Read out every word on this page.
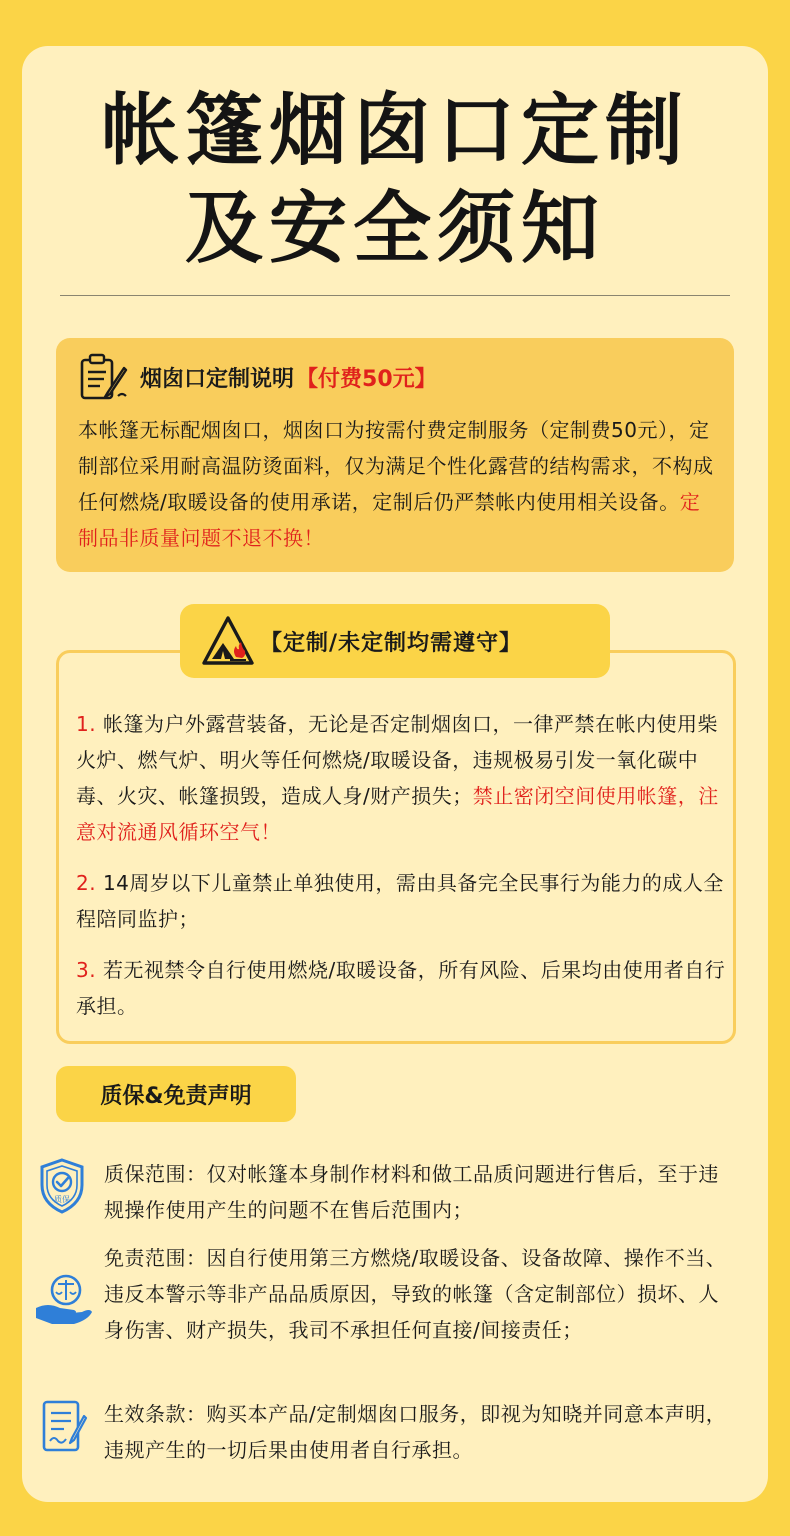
帐篷烟囱口定制
及安全须知
烟囱口定制说明 【付费50元】
本帐篷无标配烟囱口，烟囱口为按需付费定制服务（定制费50元），定制部位采用耐高温防烫面料，仅为满足个性化露营的结构需求，不构成任何燃烧/取暖设备的使用承诺，定制后仍严禁帐内使用相关设备。定制品非质量问题不退不换！
【定制/未定制均需遵守】
1. 帐篷为户外露营装备，无论是否定制烟囱口，一律严禁在帐内使用柴火炉、燃气炉、明火等任何燃烧/取暖设备，违规极易引发一氧化碳中毒、火灾、帐篷损毁，造成人身/财产损失；禁止密闭空间使用帐篷，注意对流通风循环空气！
2. 14周岁以下儿童禁止单独使用，需由具备完全民事行为能力的成人全程陪同监护；
3. 若无视禁令自行使用燃烧/取暖设备，所有风险、后果均由使用者自行承担。
质保&免责声明
质保
质保范围：仅对帐篷本身制作材料和做工品质问题进行售后，至于违规操作使用产生的问题不在售后范围内；
免责范围：因自行使用第三方燃烧/取暖设备、设备故障、操作不当、违反本警示等非产品品质原因，导致的帐篷（含定制部位）损坏、人身伤害、财产损失，我司不承担任何直接/间接责任；
生效条款：购买本产品/定制烟囱口服务，即视为知晓并同意本声明，违规产生的一切后果由使用者自行承担。
